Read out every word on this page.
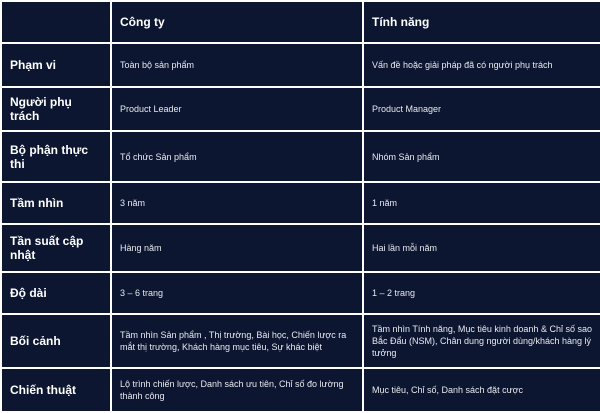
	Công ty	Tính năng
Phạm vi	Toàn bộ sản phẩm	Vấn đề hoặc giải pháp đã có người phụ trách
Người phụ trách	Product Leader	Product Manager
Bộ phận thực thi	Tổ chức Sản phẩm	Nhóm Sản phẩm
Tầm nhìn	3 năm	1 năm
Tần suất cập nhật	Hàng năm	Hai lần mỗi năm
Độ dài	3 – 6 trang	1 – 2 trang
Bối cảnh	Tầm nhìn Sản phẩm , Thị trường, Bài học, Chiến lược ra mắt thị trường, Khách hàng mục tiêu, Sự khác biệt	Tầm nhìn Tính năng, Mục tiêu kinh doanh & Chỉ số sao Bắc Đẩu (NSM), Chân dung người dùng/khách hàng lý tưởng
Chiến thuật	Lộ trình chiến lược, Danh sách ưu tiên, Chỉ số đo lường thành công	Mục tiêu, Chỉ số, Danh sách đặt cược
